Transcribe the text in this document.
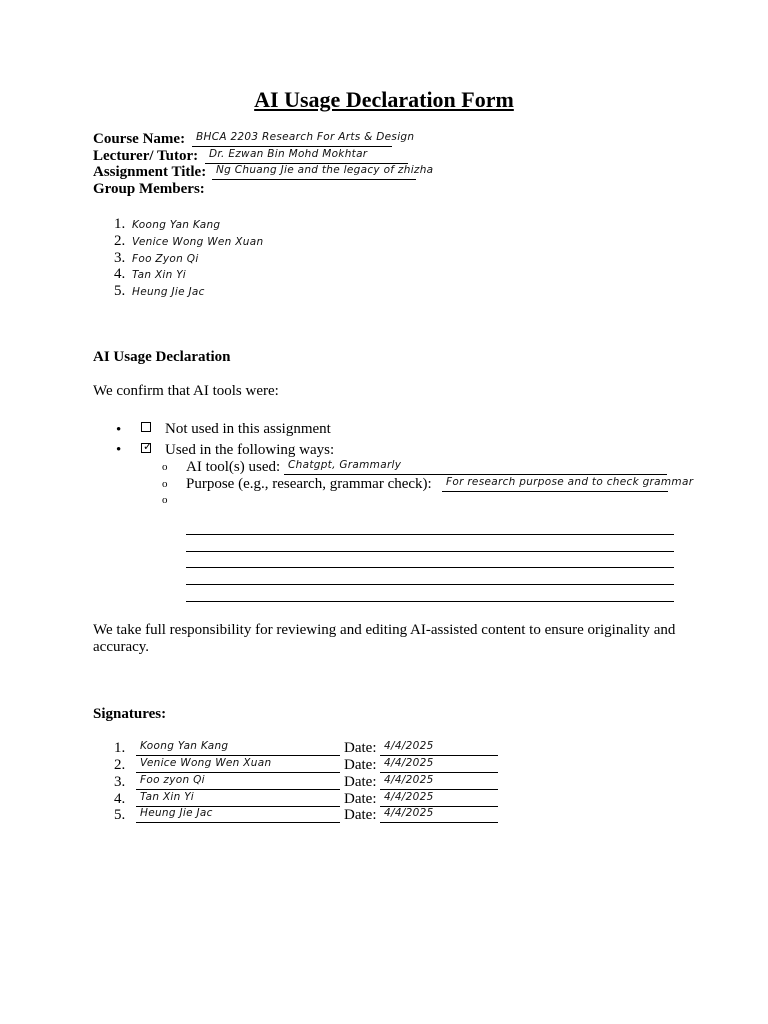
AI Usage Declaration Form
Course Name:	BHCA 2203 Research For Arts & Design
Lecturer/ Tutor:	Dr. Ezwan Bin Mohd Mokhtar
Assignment Title: Ng Chuang Jie and the legacy of zhizha
Group Members:
1. Koong Yan Kang
2. Venice Wong Wen Xuan
3. Foo Zyon Qi
4. Tan Xin Yi
5. Heung Jie Jac
AI Usage Declaration
We confirm that AI tools were:
•	Not used in this assignment
• ✓ Used in the following ways:
o AI tool(s) used: Chatgpt, Grammarly
o Purpose (e.g., research, grammar check):	For research purpose and to check grammar
o
We take full responsibility for reviewing and editing AI-assisted content to ensure originality and accuracy.
Signatures:
1.	Koong Yan Kang	Date: 4/4/2025
2.	Venice Wong Wen Xuan	Date: 4/4/2025
3.	Foo zyon Qi	Date: 4/4/2025
4.	Tan Xin Yi	Date: 4/4/2025
5.	Heung Jie Jac	Date: 4/4/2025
